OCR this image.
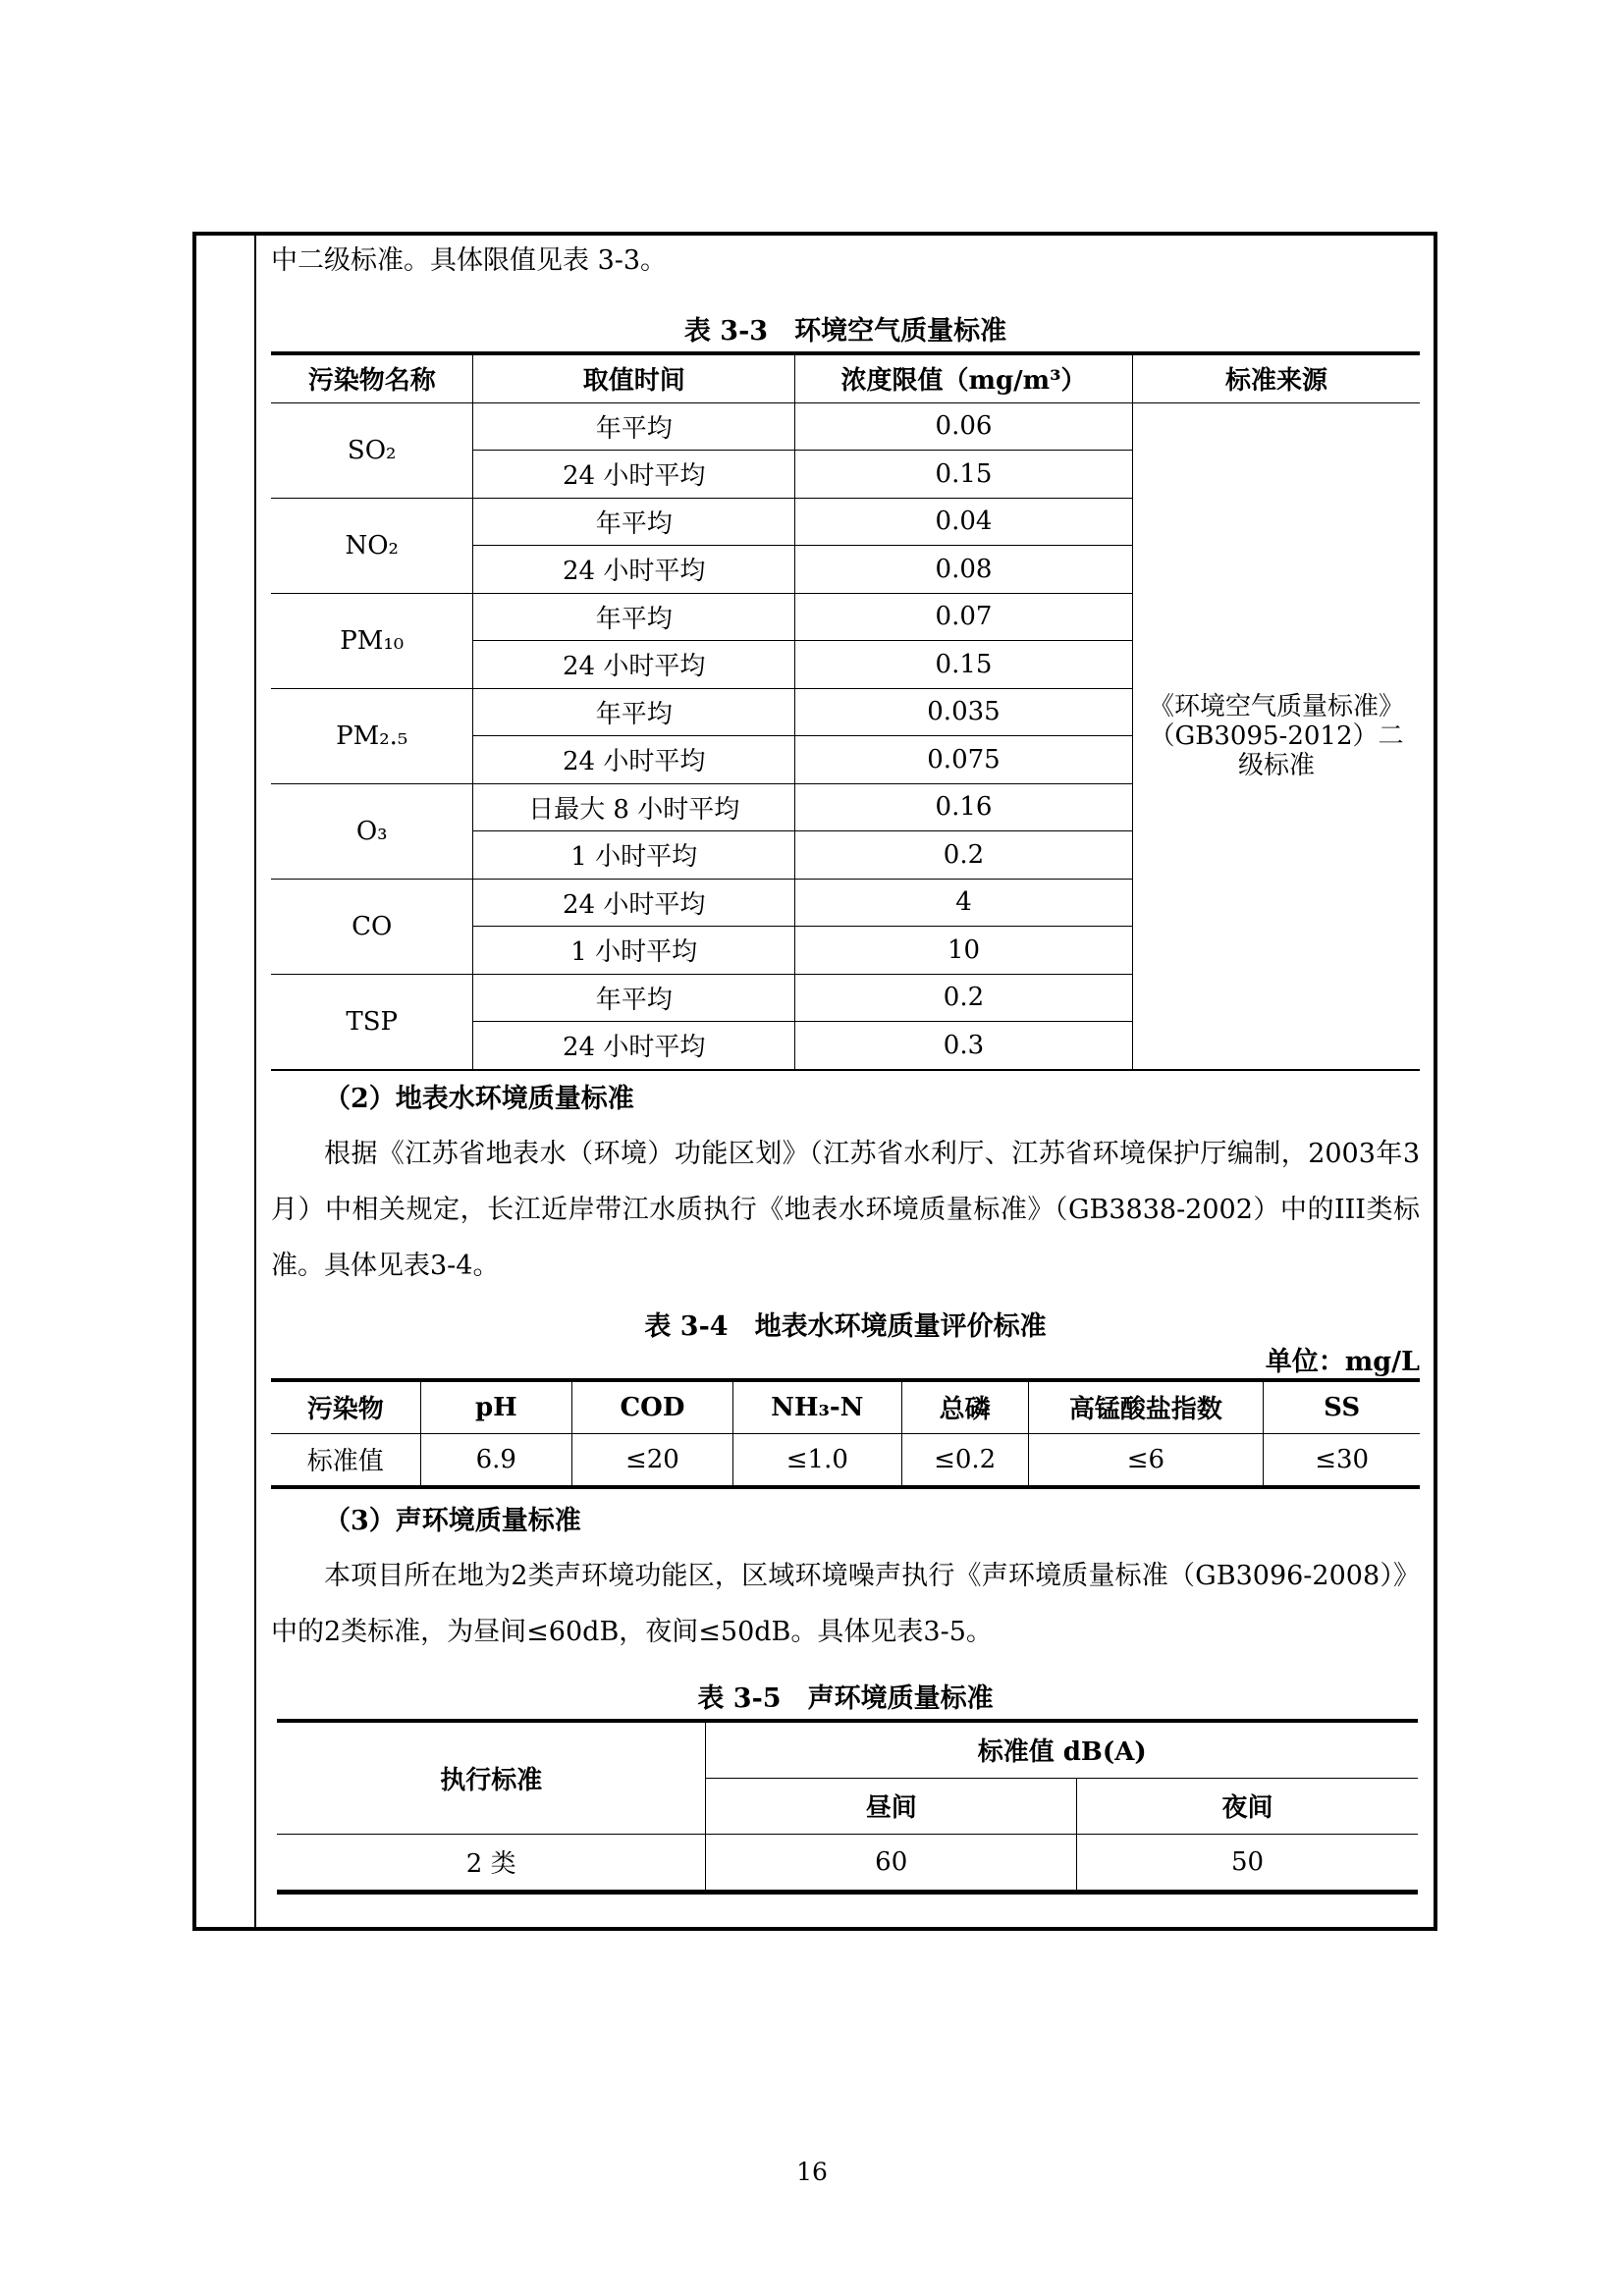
中二级标准。具体限值见表 3-3。

表 3-3　环境空气质量标准
污染物名称	取值时间	浓度限值（mg/m³）	标准来源
SO₂	年平均	0.06	《环境空气质量标准》（GB3095-2012）二级标准
	24 小时平均	0.15	
NO₂	年平均	0.04	
	24 小时平均	0.08	
PM₁₀	年平均	0.07	
	24 小时平均	0.15	
PM₂.₅	年平均	0.035	
	24 小时平均	0.075	
O₃	日最大 8 小时平均	0.16	
	1 小时平均	0.2	
CO	24 小时平均	4	
	1 小时平均	10	
TSP	年平均	0.2	
	24 小时平均	0.3	
（2）地表水环境质量标准

根据《江苏省地表水（环境）功能区划》（江苏省水利厅、江苏省环境保护厅编制，2003年3月）中相关规定，长江近岸带江水质执行《地表水环境质量标准》（GB3838-2002）中的III类标准。具体见表3-4。

表 3-4　地表水环境质量评价标准
单位：mg/L
污染物	pH	COD	NH₃-N	总磷	高锰酸盐指数	SS
标准值	6.9	≤20	≤1.0	≤0.2	≤6	≤30
（3）声环境质量标准

本项目所在地为2类声环境功能区，区域环境噪声执行《声环境质量标准（GB3096-2008）》中的2类标准，为昼间≤60dB，夜间≤50dB。具体见表3-5。

表 3-5　声环境质量标准
执行标准	标准值 dB(A)	
	昼间	夜间
2 类	60	50
16
